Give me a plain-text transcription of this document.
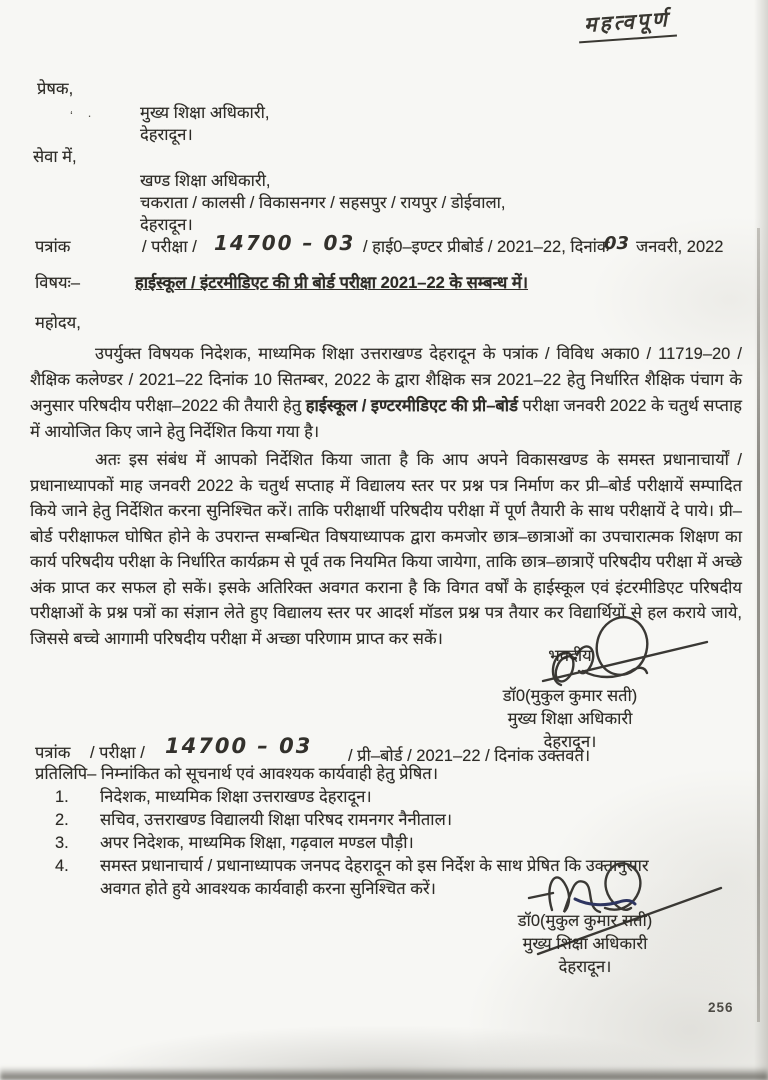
महत्वपूर्ण
‘    ·
प्रेषक,
मुख्य शिक्षा अधिकारी,
देहरादून।
सेवा में,
खण्ड शिक्षा अधिकारी,
चकराता / कालसी / विकासनगर / सहसपुर / रायपुर / डोईवाला,
देहरादून।
पत्रांक	/ परीक्षा / 14700 – 03 / हाई0–इण्टर प्रीबोर्ड / 2021–22, दिनांक
03 जनवरी, 2022
विषयः–	हाईस्कूल / इंटरमीडिएट की प्री बोर्ड परीक्षा 2021–22 के सम्बन्ध में।
महोदय,
उपर्युक्त विषयक निदेशक, माध्यमिक शिक्षा उत्तराखण्ड देहरादून के पत्रांक / विविध अका0 / 11719–20 / शैक्षिक कलेण्डर / 2021–22 दिनांक 10 सितम्बर, 2022 के द्वारा शैक्षिक सत्र 2021–22 हेतु निर्धारित शैक्षिक पंचाग के अनुसार परिषदीय परीक्षा–2022 की तैयारी हेतु हाईस्कूल / इण्टरमीडिएट की प्री–बोर्ड परीक्षा जनवरी 2022 के चतुर्थ सप्ताह में आयोजित किए जाने हेतु निर्देशित किया गया है।
अतः इस संबंध में आपको निर्देशित किया जाता है कि आप अपने विकासखण्ड के समस्त प्रधानाचार्यों / प्रधानाध्यापकों माह जनवरी 2022 के चतुर्थ सप्ताह में विद्यालय स्तर पर प्रश्न पत्र निर्माण कर प्री–बोर्ड परीक्षायें सम्पादित किये जाने हेतु निर्देशित करना सुनिश्चित करें। ताकि परीक्षार्थी परिषदीय परीक्षा में पूर्ण तैयारी के साथ परीक्षायें दे पाये। प्री–बोर्ड परीक्षाफल घोषित होने के उपरान्त सम्बन्धित विषयाध्यापक द्वारा कमजोर छात्र–छात्राओं का उपचारात्मक शिक्षण का कार्य परिषदीय परीक्षा के निर्धारित कार्यक्रम से पूर्व तक नियमित किया जायेगा, ताकि छात्र–छात्राऐं परिषदीय परीक्षा में अच्छे अंक प्राप्त कर सफल हो सकें। इसके अतिरिक्त अवगत कराना है कि विगत वर्षों के हाईस्कूल एवं इंटरमीडिएट परिषदीय परीक्षाओं के प्रश्न पत्रों का संज्ञान लेते हुए विद्यालय स्तर पर आदर्श मॉडल प्रश्न पत्र तैयार कर विद्यार्थियों से हल कराये जाये, जिससे बच्चे आगामी परिषदीय परीक्षा में अच्छा परिणाम प्राप्त कर सकें।
भवदीय
डॉ0(मुकुल कुमार सती)
मुख्य शिक्षा अधिकारी
देहरादून।
पत्रांक / परीक्षा / 14700 – 03 / प्री–बोर्ड / 2021–22 / दिनांक उक्तवत।
प्रतिलिपि– निम्नांकित को सूचनार्थ एवं आवश्यक कार्यवाही हेतु प्रेषित।
1. निदेशक, माध्यमिक शिक्षा उत्तराखण्ड देहरादून।
2. सचिव, उत्तराखण्ड विद्यालयी शिक्षा परिषद रामनगर नैनीताल।
3. अपर निदेशक, माध्यमिक शिक्षा, गढ़वाल मण्डल पौड़ी।
4. समस्त प्रधानाचार्य / प्रधानाध्यापक जनपद देहरादून को इस निर्देश के साथ प्रेषित कि उक्तानुसार अवगत होते हुये आवश्यक कार्यवाही करना सुनिश्चित करें।
डॉ0(मुकुल कुमार सती)
मुख्य शिक्षा अधिकारी
देहरादून।
256
